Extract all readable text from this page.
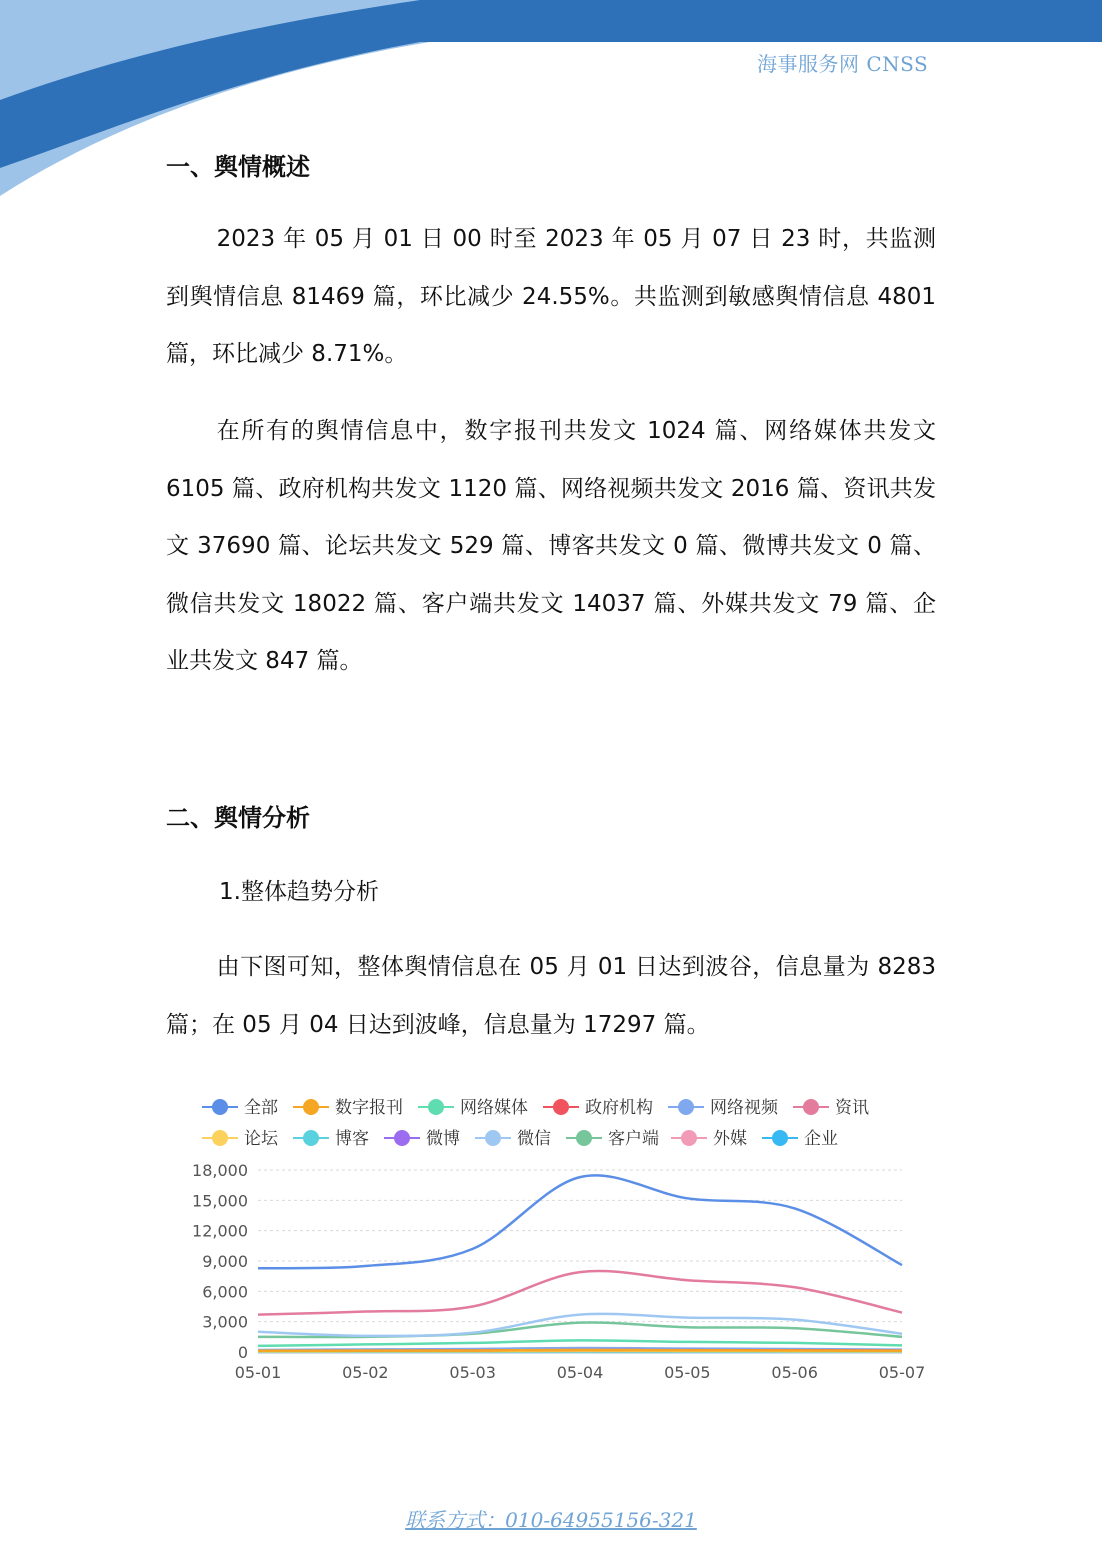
海事服务网 CNSS
一、舆情概述

2023 年 05 月 01 日 00 时至 2023 年 05 月 07 日 23 时，共监测到舆情信息 81469 篇，环比减少 24.55%。共监测到敏感舆情信息 4801 篇，环比减少 8.71%。

在所有的舆情信息中，数字报刊共发文 1024 篇、网络媒体共发文 6105 篇、政府机构共发文 1120 篇、网络视频共发文 2016 篇、资讯共发文 37690 篇、论坛共发文 529 篇、博客共发文 0 篇、微博共发文 0 篇、微信共发文 18022 篇、客户端共发文 14037 篇、外媒共发文 79 篇、企业共发文 847 篇。

二、舆情分析
1.整体趋势分析

由下图可知，整体舆情信息在 05 月 01 日达到波谷，信息量为 8283 篇；在 05 月 04 日达到波峰，信息量为 17297 篇。

0
3,000
6,000
9,000
12,000
15,000
18,000
05-01	05-02	05-03	05-04	05-05	05-06	05-07
全部	数字报刊	网络媒体	政府机构	网络视频	资讯
论坛	博客	微博	微信	客户端	外媒	企业
联系方式：010-64955156-321
